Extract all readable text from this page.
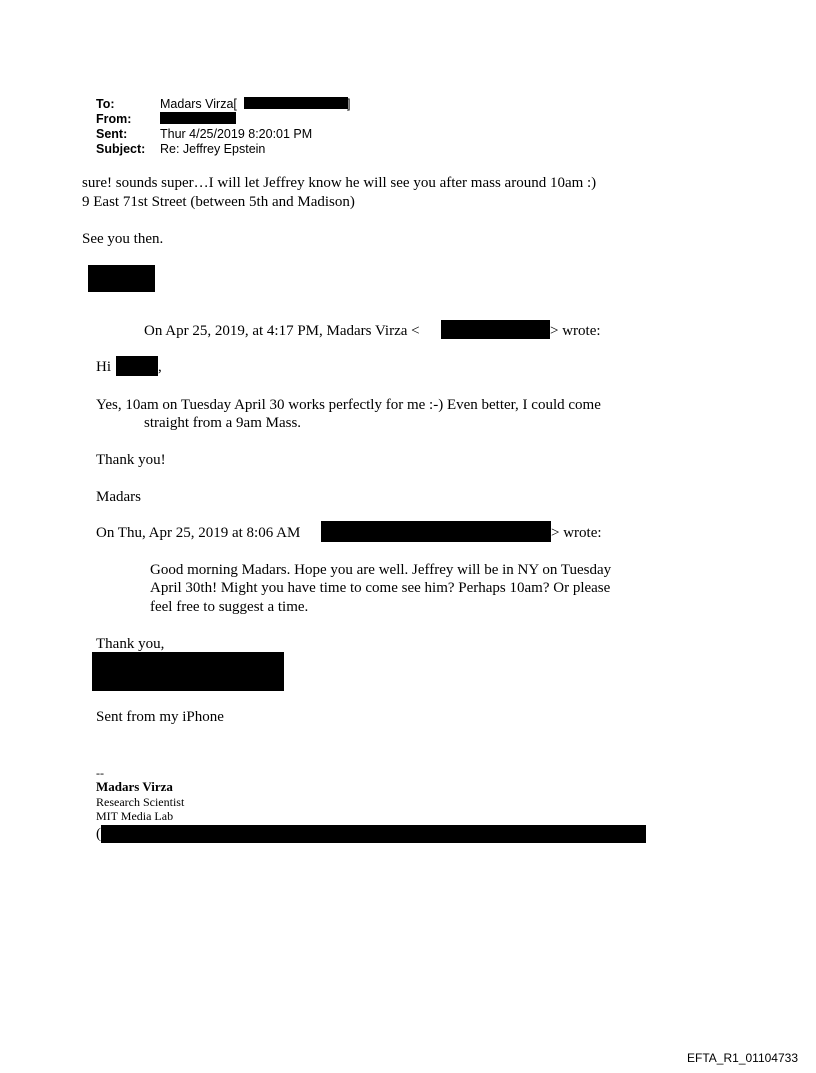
To:	Madars Virza[	]
From:
Sent:	Thur 4/25/2019 8:20:01 PM
Subject: Re: Jeffrey Epstein
sure! sounds super…I will let Jeffrey know he will see you after mass around 10am :)
9 East 71st Street (between 5th and Madison)
See you then.
On Apr 25, 2019, at 4:17 PM, Madars Virza <	> wrote:
Hi	,
Yes, 10am on Tuesday April 30 works perfectly for me :-) Even better, I could come
straight from a 9am Mass.
Thank you!
Madars
On Thu, Apr 25, 2019 at 8:06 AM	> wrote:
Good morning Madars. Hope you are well. Jeffrey will be in NY on Tuesday
April 30th! Might you have time to come see him? Perhaps 10am? Or please
feel free to suggest a time.
Thank you,
Sent from my iPhone
--
Madars Virza
Research Scientist
MIT Media Lab
(
EFTA_R1_01104733
